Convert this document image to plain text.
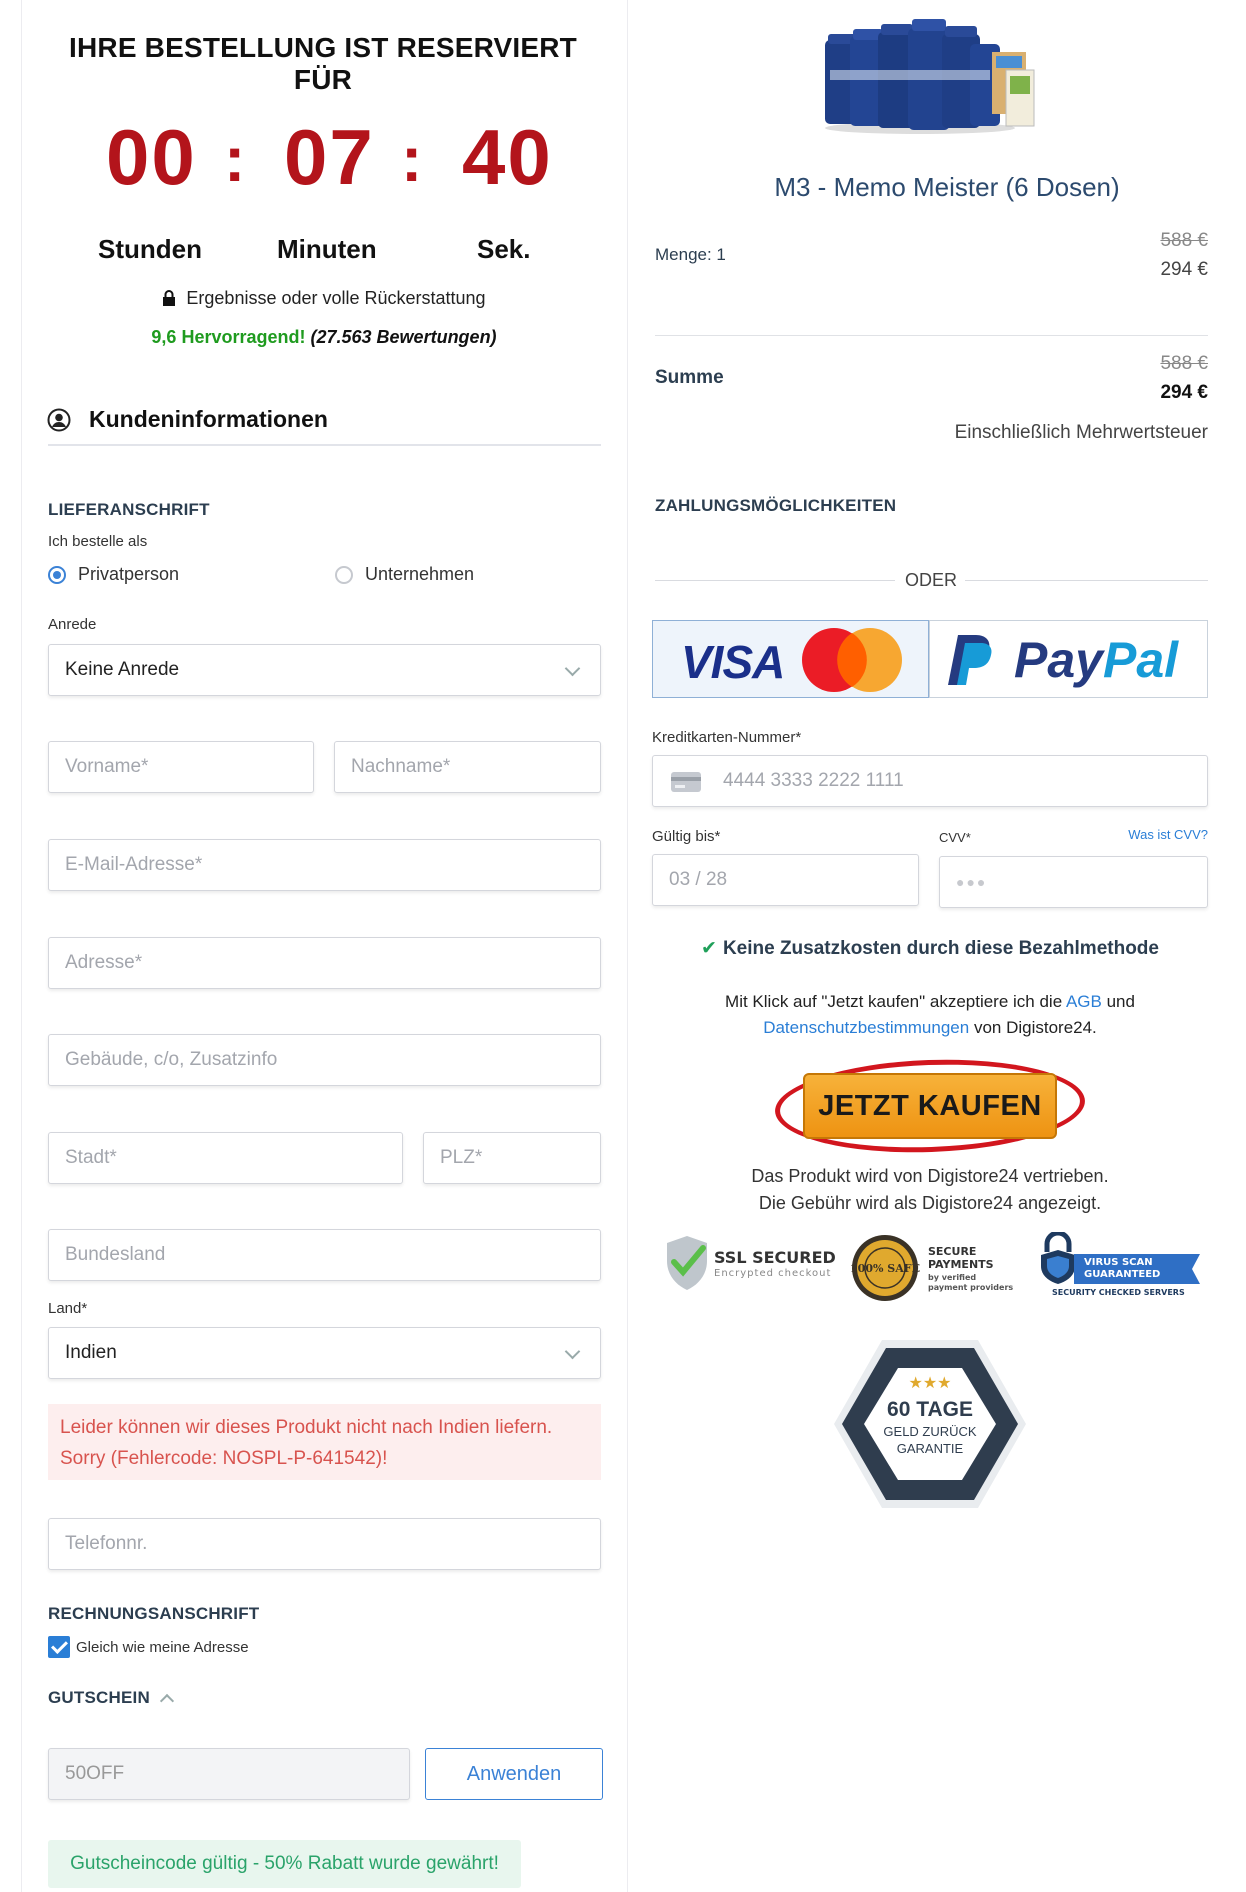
IHRE BESTELLUNG IST RESERVIERT FÜR
00 : 07 : 40
Stunden	Minuten	Sek.
Ergebnisse oder volle Rückerstattung
9,6 Hervorragend! (27.563 Bewertungen)
Kundeninformationen
LIEFERANSCHRIFT
Ich bestelle als
Privatperson	Unternehmen
Anrede
Keine Anrede
Vorname*	Nachname*
E-Mail-Adresse*
Adresse*
Gebäude, c/o, Zusatzinfo
Stadt*	PLZ*
Bundesland
Land*
Indien
Leider können wir dieses Produkt nicht nach Indien liefern.
Sorry (Fehlercode: NOSPL-P-641542)!
Telefonnr.
RECHNUNGSANSCHRIFT
Gleich wie meine Adresse
GUTSCHEIN
50OFF	Anwenden
Gutscheincode gültig - 50% Rabatt wurde gewährt!
M3 - Memo Meister (6 Dosen)
Menge: 1
588 €
294 €
Summe
588 €
294 €
Einschließlich Mehrwertsteuer
ZAHLUNGSMÖGLICHKEITEN
ODER
VISA	PayPal
Kreditkarten-Nummer*
4444 3333 2222 1111
Gültig bis*
03 / 28
CVV*	Was ist CVV?
●●●
✔ Keine Zusatzkosten durch diese Bezahlmethode
Mit Klick auf "Jetzt kaufen" akzeptiere ich die AGB und
Datenschutzbestimmungen von Digistore24.
JETZT KAUFEN
Das Produkt wird von Digistore24 vertrieben.
Die Gebühr wird als Digistore24 angezeigt.
SSL SECURED
Encrypted checkout 100% SAFE
SECURE
PAYMENTS
by verified
payment providers
VIRUS SCAN
GUARANTEED
SECURITY CHECKED SERVERS
★★★
60 TAGE
GELD ZURÜCK
GARANTIE
